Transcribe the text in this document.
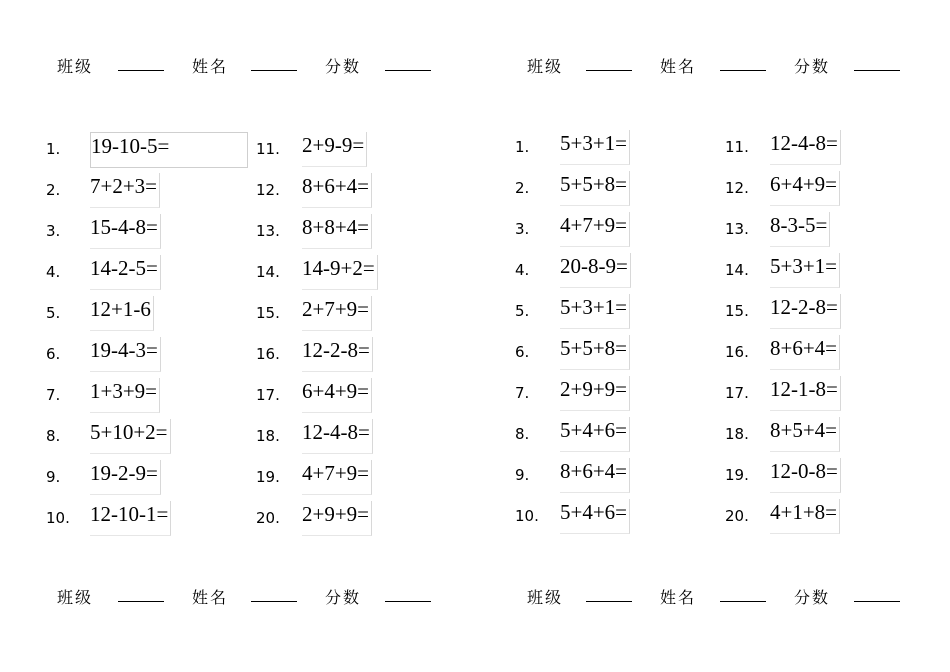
班级	姓名	分数	班级	姓名	分数
班级	姓名	分数	班级	姓名	分数
1. 19-10-5=
2. 7+2+3=
3. 15-4-8=
4. 14-2-5=
5. 12+1-6
6. 19-4-3=
7. 1+3+9=
8. 5+10+2=
9. 19-2-9=
10. 12-10-1=
11. 2+9-9=
12. 8+6+4=
13. 8+8+4=
14. 14-9+2=
15. 2+7+9=
16. 12-2-8=
17. 6+4+9=
18. 12-4-8=
19. 4+7+9=
20. 2+9+9=
1. 5+3+1=
2. 5+5+8=
3. 4+7+9=
4. 20-8-9=
5. 5+3+1=
6. 5+5+8=
7. 2+9+9=
8. 5+4+6=
9. 8+6+4=
10. 5+4+6=
11. 12-4-8=
12. 6+4+9=
13. 8-3-5=
14. 5+3+1=
15. 12-2-8=
16. 8+6+4=
17. 12-1-8=
18. 8+5+4=
19. 12-0-8=
20. 4+1+8=
